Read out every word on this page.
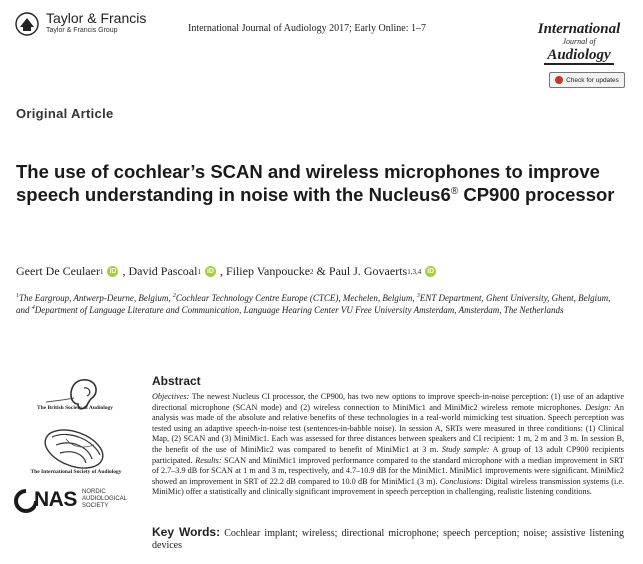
Taylor & Francis
Taylor & Francis Group	International Journal of Audiology 2017; Early Online: 1–7	International
Journal of
Audiology
Check for updates
Original Article
The use of cochlear’s SCAN and wireless microphones to improve speech understanding in noise with the Nucleus6® CP900 processor
Geert De Ceulaer 1 iD , David Pascoal 1 iD , Filiep Vanpoucke 2 & Paul J. Govaerts 1,3,4 iD
$^1$The Eargroup, Antwerp-Deurne, Belgium, $^2$Cochlear Technology Centre Europe (CTCE), Mechelen, Belgium, $^3$ENT Department, Ghent University, Ghent, Belgium, and $^4$Department of Language Literature and Communication, Language Hearing Center VU Free University Amsterdam, Amsterdam, The Netherlands
The British Society of Audiology
The International Society of Audiology
NAS NORDIC
AUDIOLOGICAL
SOCIETY
Abstract
Objectives: The newest Nucleus CI processor, the CP900, has two new options to improve speech-in-noise perception: (1) use of an adaptive directional microphone (SCAN mode) and (2) wireless connection to MiniMic1 and MiniMic2 wireless remote microphones. Design: An analysis was made of the absolute and relative benefits of these technologies in a real-world mimicking test situation. Speech perception was tested using an adaptive speech-in-noise test (sentences-in-babble noise). In session A, SRTs were measured in three conditions: (1) Clinical Map, (2) SCAN and (3) MiniMic1. Each was assessed for three distances between speakers and CI recipient: 1 m, 2 m and 3 m. In session B, the benefit of the use of MiniMic2 was compared to benefit of MiniMic1 at 3 m. Study sample: A group of 13 adult CP900 recipients participated. Results: SCAN and MiniMic1 improved performance compared to the standard microphone with a median improvement in SRT of 2.7–3.9 dB for SCAN at 1 m and 3 m, respectively, and 4.7–10.9 dB for the MiniMic1. MiniMic1 improvements were significant. MiniMic2 showed an improvement in SRT of 22.2 dB compared to 10.0 dB for MiniMic1 (3 m). Conclusions: Digital wireless transmission systems (i.e. MiniMic) offer a statistically and clinically significant improvement in speech perception in challenging, realistic listening conditions.
Key Words: Cochlear implant; wireless; directional microphone; speech perception; noise; assistive listening devices
